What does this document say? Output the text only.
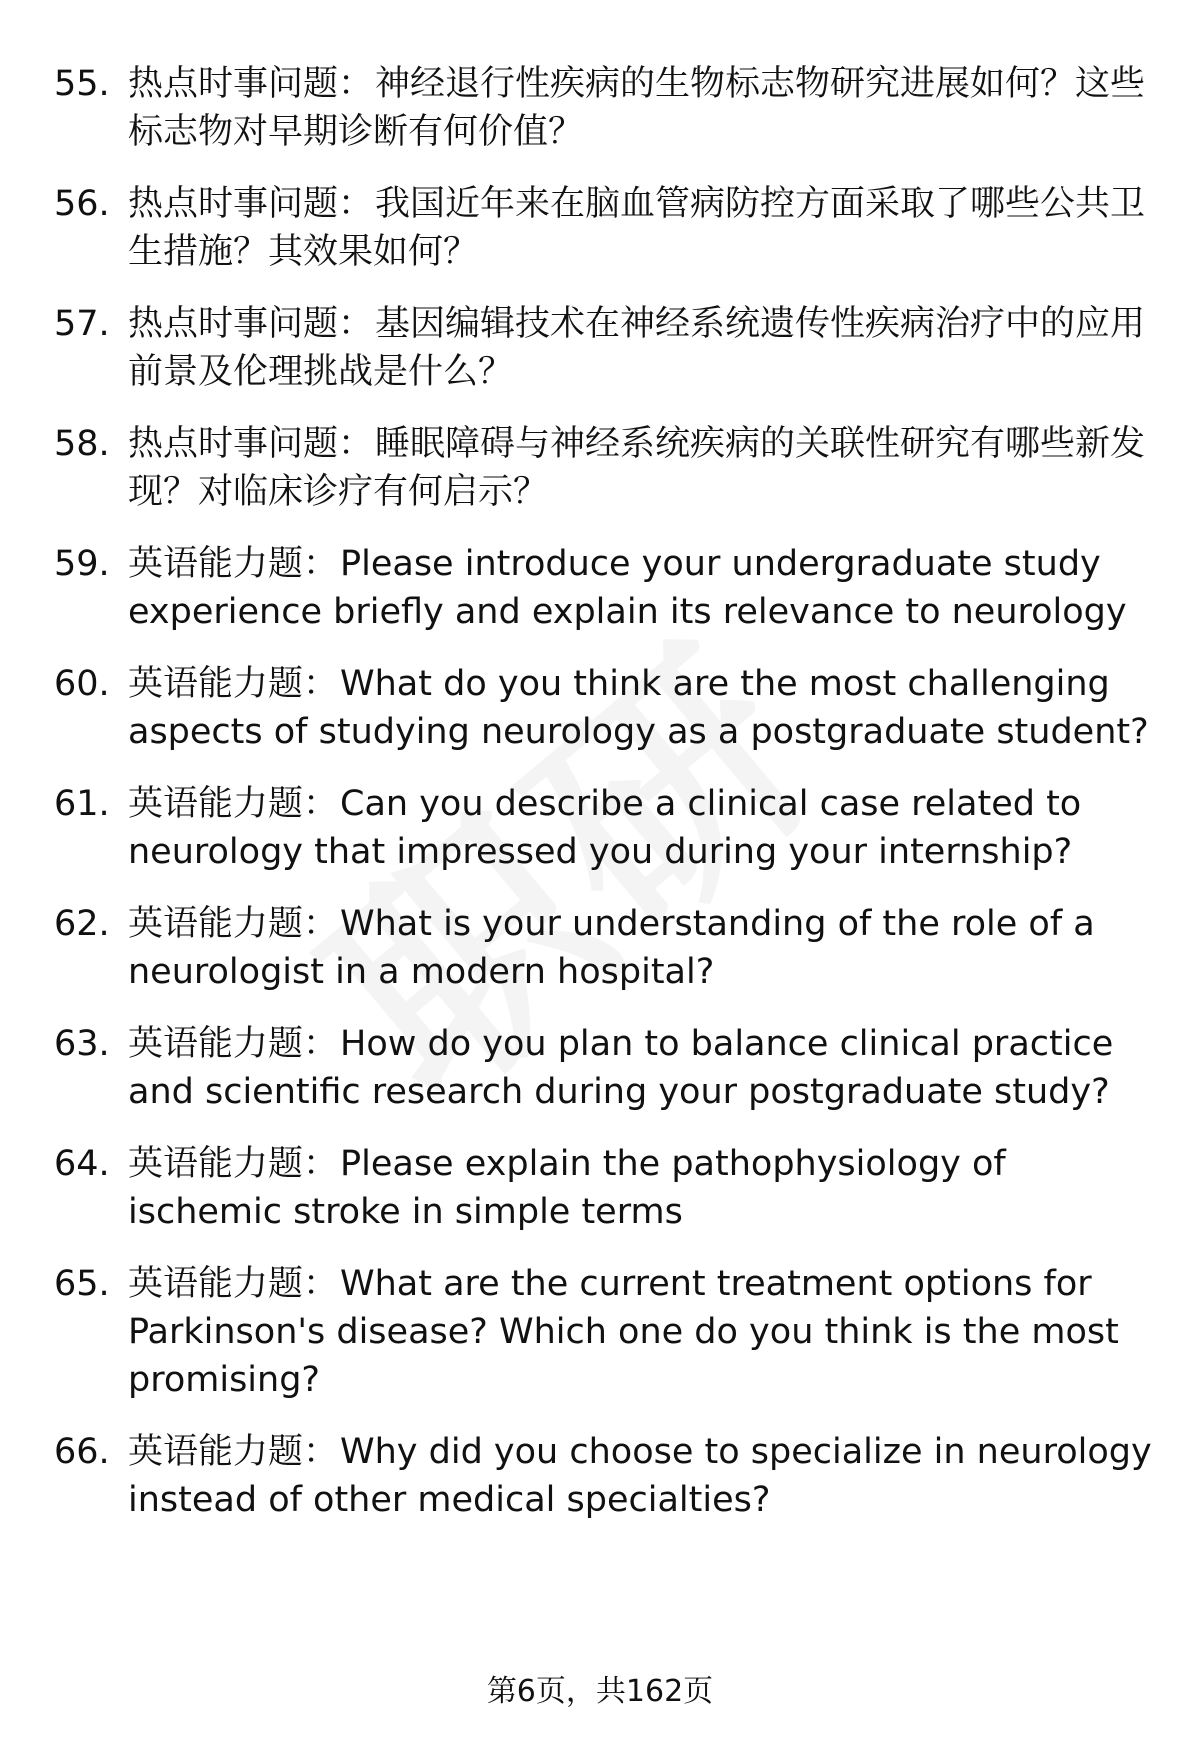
55. 热点时事问题：神经退行性疾病的生物标志物研究进展如何？这些标志物对早期诊断有何价值？
56. 热点时事问题：我国近年来在脑血管病防控方面采取了哪些公共卫生措施？其效果如何？
57. 热点时事问题：基因编辑技术在神经系统遗传性疾病治疗中的应用前景及伦理挑战是什么？
58. 热点时事问题：睡眠障碍与神经系统疾病的关联性研究有哪些新发现？对临床诊疗有何启示？
59. 英语能力题：Please introduce your undergraduate study experience briefly and explain its relevance to neurology
60. 英语能力题：What do you think are the most challenging aspects of studying neurology as a postgraduate student?
61. 英语能力题：Can you describe a clinical case related to neurology that impressed you during your internship?
62. 英语能力题：What is your understanding of the role of a neurologist in a modern hospital?
63. 英语能力题：How do you plan to balance clinical practice and scientific research during your postgraduate study?
64. 英语能力题：Please explain the pathophysiology of ischemic stroke in simple terms
65. 英语能力题：What are the current treatment options for Parkinson's disease? Which one do you think is the most promising?
66. 英语能力题：Why did you choose to specialize in neurology instead of other medical specialties?
第6页，共162页
